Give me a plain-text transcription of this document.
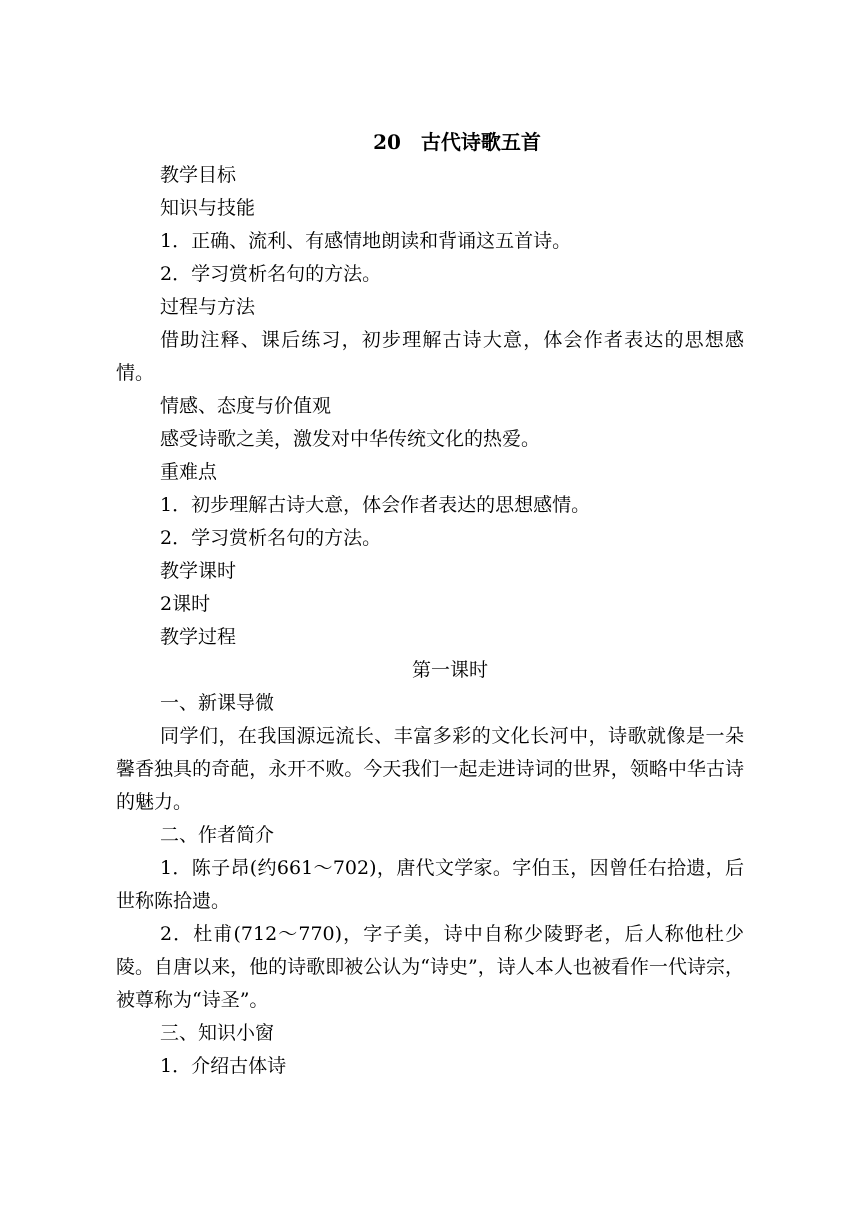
20　古代诗歌五首

教学目标

知识与技能

1．正确、流利、有感情地朗读和背诵这五首诗。

2．学习赏析名句的方法。

过程与方法

借助注释、课后练习，初步理解古诗大意，体会作者表达的思想感情。

情感、态度与价值观

感受诗歌之美，激发对中华传统文化的热爱。

重难点

1．初步理解古诗大意，体会作者表达的思想感情。

2．学习赏析名句的方法。

教学课时

2课时

教学过程

第一课时

一、新课导微

同学们，在我国源远流长、丰富多彩的文化长河中，诗歌就像是一朵馨香独具的奇葩，永开不败。今天我们一起走进诗词的世界，领略中华古诗的魅力。

二、作者简介

1．陈子昂(约661～702)，唐代文学家。字伯玉，因曾任右拾遗，后世称陈拾遗。

2．杜甫(712～770)，字子美，诗中自称少陵野老，后人称他杜少陵。自唐以来，他的诗歌即被公认为“诗史”，诗人本人也被看作一代诗宗，被尊称为“诗圣”。

三、知识小窗

1．介绍古体诗
